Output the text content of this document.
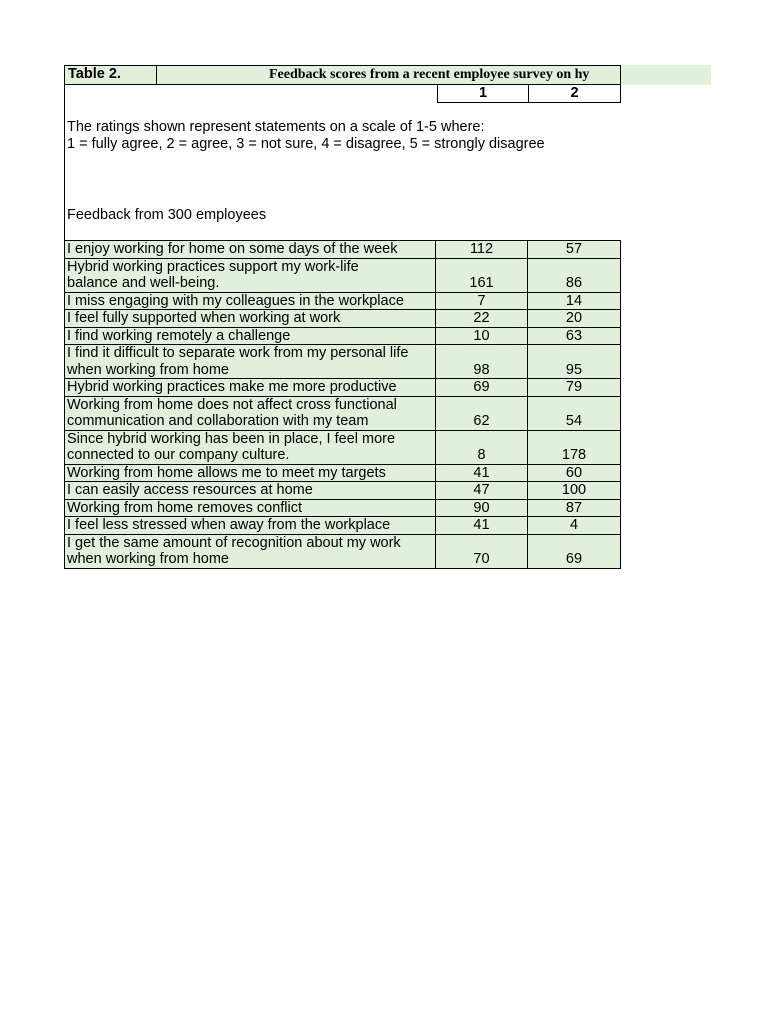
Table 2.	Feedback scores from a recent employee survey on hy
1	2
The ratings shown represent statements on a scale of 1-5 where:
1 = fully agree, 2 = agree, 3 = not sure, 4 = disagree, 5 = strongly disagree
Feedback from 300 employees
I enjoy working for home on some days of the week	112	57
Hybrid working practices support my work-life
balance and well-being.	161	86
I miss engaging with my colleagues in the workplace	7	14
I feel fully supported when working at work	22	20
I find working remotely a challenge	10	63
I find it difficult to separate work from my personal life
when working from home	98	95
Hybrid working practices make me more productive	69	79
Working from home does not affect cross functional
communication and collaboration with my team	62	54
Since hybrid working has been in place, I feel more
connected to our company culture.	8	178
Working from home allows me to meet my targets	41	60
I can easily access resources at home	47	100
Working from home removes conflict	90	87
I feel less stressed when away from the workplace	41	4
I get the same amount of recognition about my work
when working from home	70	69
